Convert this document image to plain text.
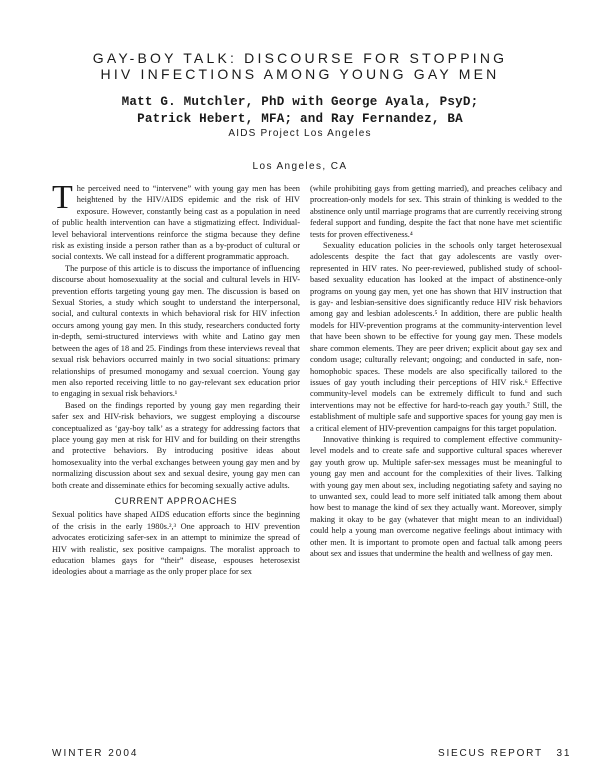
GAY-BOY TALK: DISCOURSE FOR STOPPING
HIV INFECTIONS AMONG YOUNG GAY MEN
Matt G. Mutchler, PhD with George Ayala, PsyD;
Patrick Hebert, MFA; and Ray Fernandez, BA
AIDS Project Los Angeles
Los Angeles, CA

The perceived need to “intervene” with young gay men has been heightened by the HIV/AIDS epidemic and the risk of HIV exposure. However, constantly being cast as a population in need of public health intervention can have a stigmatizing effect. Individual-level behavioral interventions reinforce the stigma because they define risk as existing inside a person rather than as a by-product of cultural or social contexts. We call instead for a different programmatic approach.

The purpose of this article is to discuss the importance of influencing discourse about homosexuality at the social and cultural levels in HIV-prevention efforts targeting young gay men. The discussion is based on Sexual Stories, a study which sought to understand the interpersonal, social, and cultural contexts in which behavioral risk for HIV infection occurs among young gay men. In this study, researchers conducted forty in-depth, semi-structured interviews with white and Latino gay men between the ages of 18 and 25. Findings from these interviews reveal that sexual risk behaviors occurred mainly in two social situations: primary relationships of presumed monogamy and sexual coercion. Young gay men also reported receiving little to no gay-relevant sex education prior to engaging in sexual risk behaviors.¹

Based on the findings reported by young gay men regarding their safer sex and HIV-risk behaviors, we suggest employing a discourse conceptualized as ‘gay-boy talk’ as a strategy for addressing factors that place young gay men at risk for HIV and for building on their strengths and protective behaviors. By introducing positive ideas about homosexuality into the verbal exchanges between young gay men and by normalizing discussion about sex and sexual desire, young gay men can both create and disseminate ethics for becoming sexually active adults.

CURRENT APPROACHES

Sexual politics have shaped AIDS education efforts since the beginning of the crisis in the early 1980s.²,³ One approach to HIV prevention advocates eroticizing safer-sex in an attempt to minimize the spread of HIV with realistic, sex positive campaigns. The moralist approach to education blames gays for “their” disease, espouses heterosexist ideologies about a marriage as the only proper place for sex

(while prohibiting gays from getting married), and preaches celibacy and procreation-only models for sex. This strain of thinking is wedded to the abstinence only until marriage programs that are currently receiving strong federal support and funding, despite the fact that none have met scientific tests for proven effectiveness.⁴

Sexuality education policies in the schools only target heterosexual adolescents despite the fact that gay adolescents are vastly over-represented in HIV rates. No peer-reviewed, published study of school-based sexuality education has looked at the impact of abstinence-only programs on young gay men, yet one has shown that HIV instruction that is gay- and lesbian-sensitive does significantly reduce HIV risk behaviors among gay and lesbian adolescents.⁵ In addition, there are public health models for HIV-prevention programs at the community-intervention level that have been shown to be effective for young gay men. These models share common elements. They are peer driven; explicit about gay sex and condom usage; culturally relevant; ongoing; and conducted in safe, non-homophobic spaces. These models are also specifically tailored to the issues of gay youth including their perceptions of HIV risk.⁶ Effective community-level models can be extremely difficult to fund and such interventions may not be effective for hard-to-reach gay youth.⁷ Still, the establishment of multiple safe and supportive spaces for young gay men is a critical element of HIV-prevention campaigns for this target population.

Innovative thinking is required to complement effective community-level models and to create safe and supportive cultural spaces wherever gay youth grow up. Multiple safer-sex messages must be meaningful to young gay men and account for the complexities of their lives. Talking with young gay men about sex, including negotiating safety and saying no to unwanted sex, could lead to more self initiated talk among them about how best to manage the kind of sex they actually want. Moreover, simply making it okay to be gay (whatever that might mean to an individual) could help a young man overcome negative feelings about intimacy with other men. It is important to promote open and factual talk among peers about sex and issues that undermine the health and wellness of gay men.

WINTER 2004	SIECUS REPORT   31
